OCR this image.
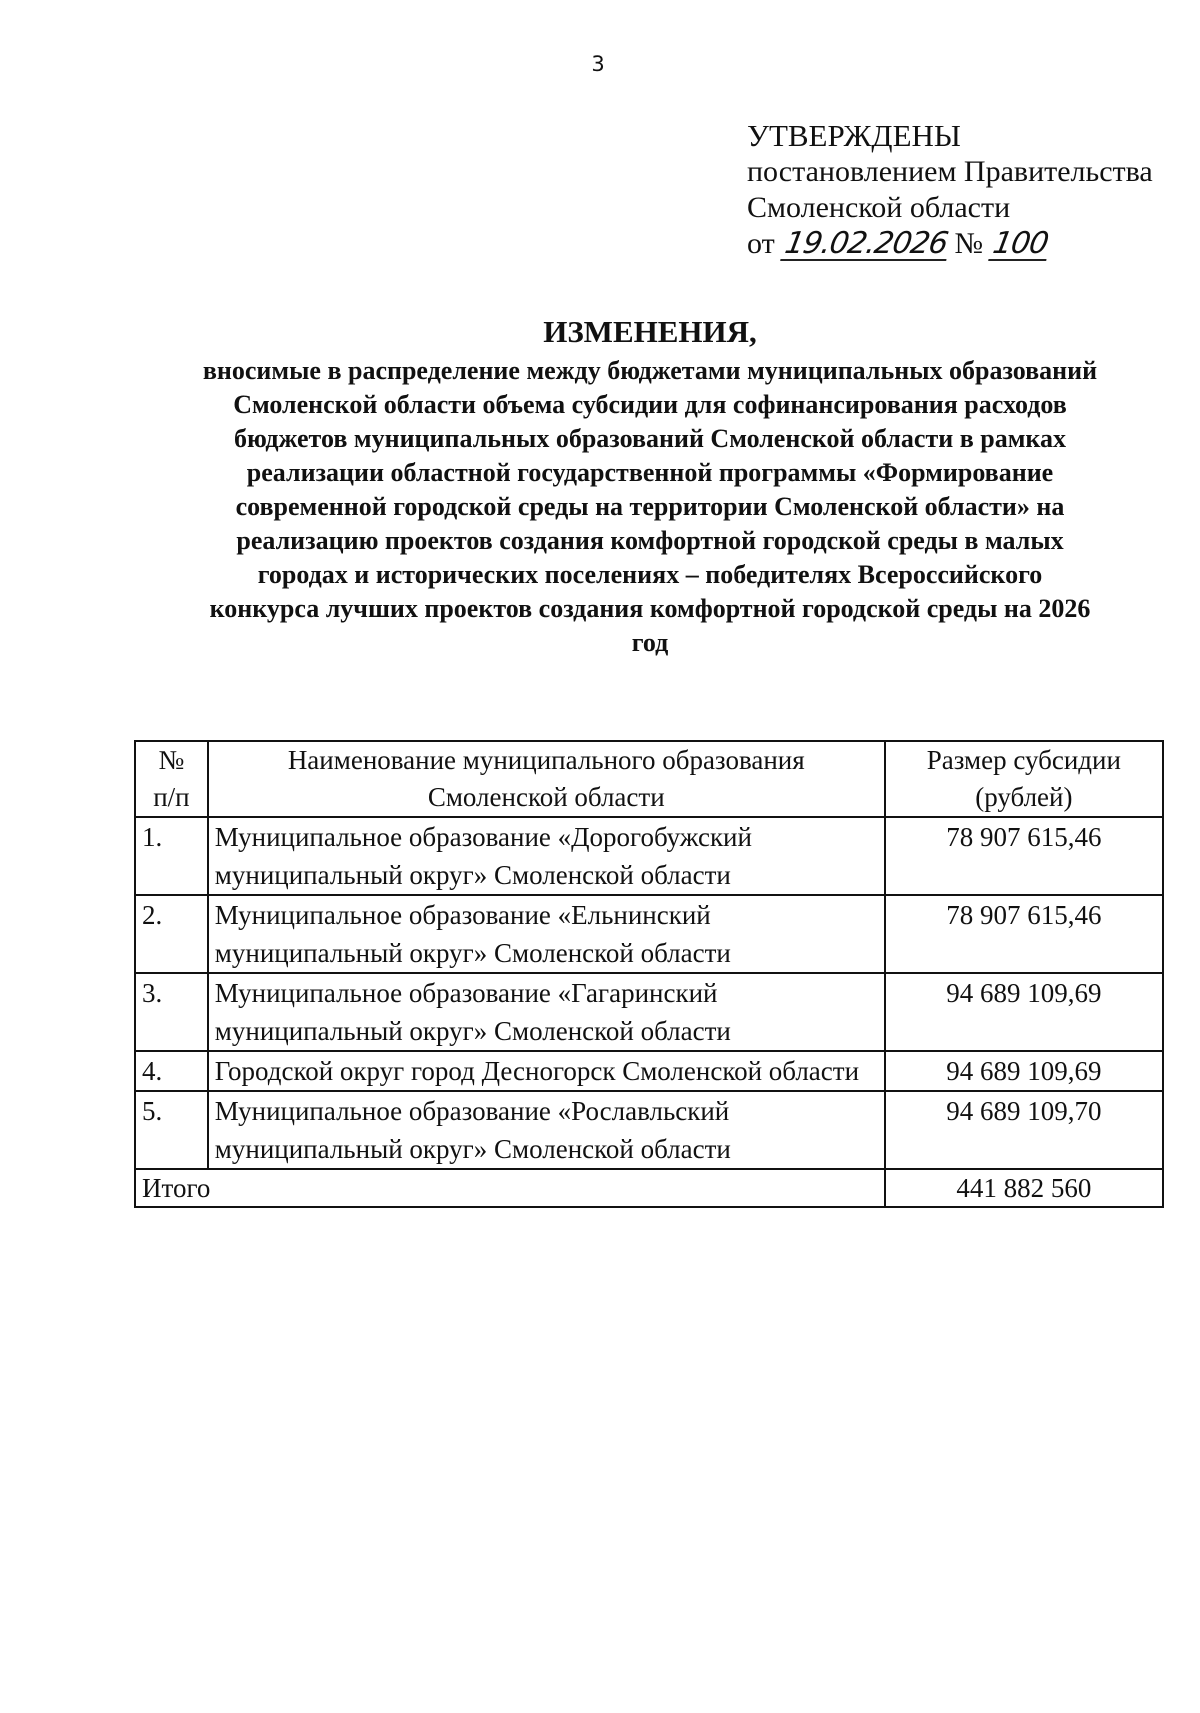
3
УТВЕРЖДЕНЫ
постановлением Правительства
Смоленской области
от 19.02.2026 № 100
ИЗМЕНЕНИЯ,
вносимые в распределение между бюджетами муниципальных образований Смоленской области объема субсидии для софинансирования расходов бюджетов муниципальных образований Смоленской области в рамках реализации областной государственной программы «Формирование современной городской среды на территории Смоленской области» на реализацию проектов создания комфортной городской среды в малых городах и исторических поселениях – победителях Всероссийского конкурса лучших проектов создания комфортной городской среды на 2026 год
№
п/п	Наименование муниципального образования Смоленской области	Размер субсидии (рублей)
1.	Муниципальное образование «Дорогобужский муниципальный округ» Смоленской области	78 907 615,46
2.	Муниципальное образование «Ельнинский муниципальный округ» Смоленской области	78 907 615,46
3.	Муниципальное образование «Гагаринский муниципальный округ» Смоленской области	94 689 109,69
4.	Городской округ город Десногорск Смоленской области	94 689 109,69
5.	Муниципальное образование «Рославльский муниципальный округ» Смоленской области	94 689 109,70
Итого		441 882 560
